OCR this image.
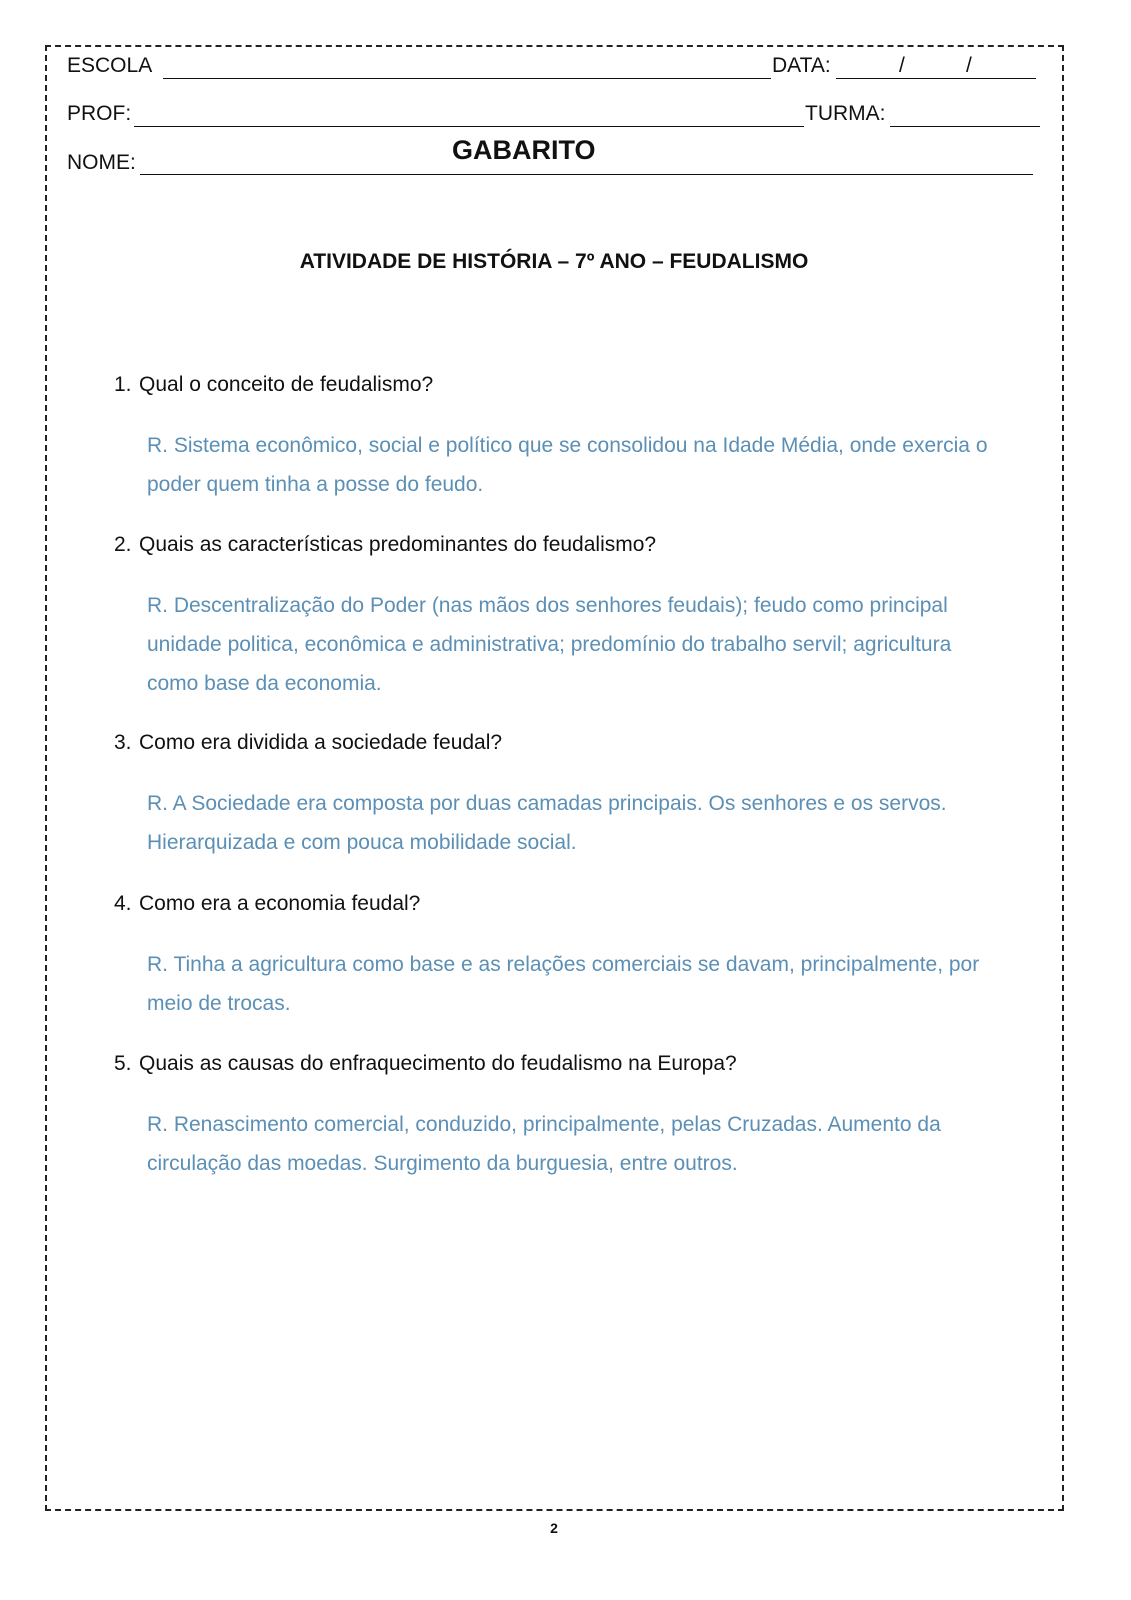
ESCOLA	DATA:	/	/
PROF:	TURMA:
NOME:	GABARITO
ATIVIDADE DE HISTÓRIA – 7º ANO – FEUDALISMO
1. Qual o conceito de feudalismo?
R. Sistema econômico, social e político que se consolidou na Idade Média, onde exercia o
poder quem tinha a posse do feudo.
2. Quais as características predominantes do feudalismo?
R. Descentralização do Poder (nas mãos dos senhores feudais); feudo como principal
unidade politica, econômica e administrativa; predomínio do trabalho servil; agricultura
como base da economia.
3. Como era dividida a sociedade feudal?
R. A Sociedade era composta por duas camadas principais. Os senhores e os servos.
Hierarquizada e com pouca mobilidade social.
4. Como era a economia feudal?
R. Tinha a agricultura como base e as relações comerciais se davam, principalmente, por
meio de trocas.
5. Quais as causas do enfraquecimento do feudalismo na Europa?
R. Renascimento comercial, conduzido, principalmente, pelas Cruzadas. Aumento da
circulação das moedas. Surgimento da burguesia, entre outros.
2
